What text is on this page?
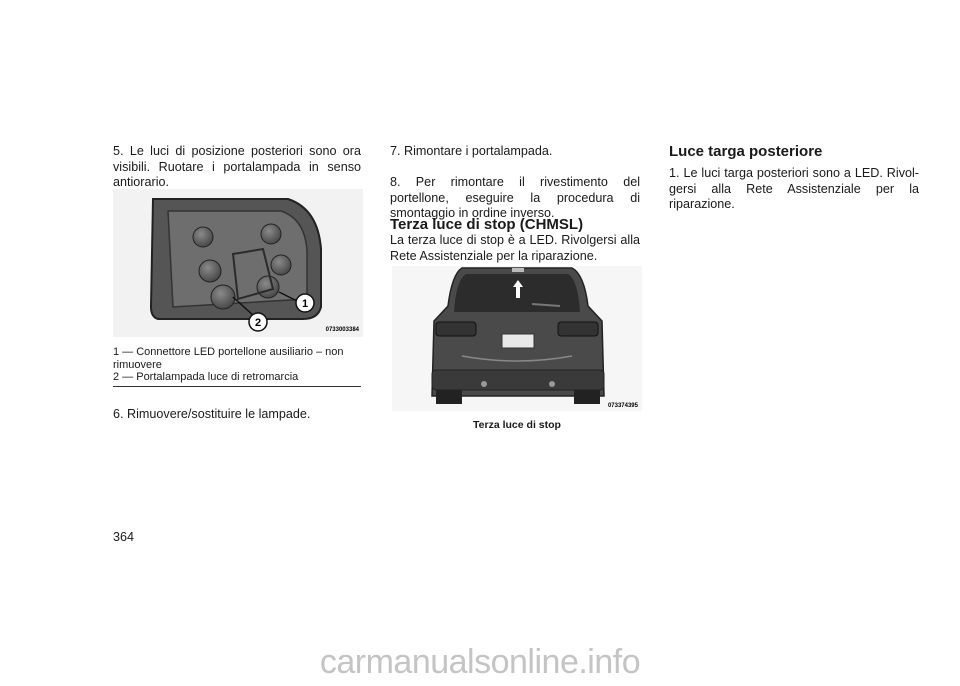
5. Le luci di posizione posteriori sono ora visibili. Ruotare i portalampada in senso antiorario.
1
2
0733003384
1 — Connettore LED portellone ausiliario – non rimuovere
2 — Portalampada luce di retromarcia
6. Rimuovere/sostituire le lampade.
7. Rimontare i portalampada.
8. Per rimontare il rivestimento del portellone, eseguire la procedura di smontaggio in ordine inverso.
Terza luce di stop (CHMSL)
La terza luce di stop è a LED. Rivolgersi alla Rete Assistenziale per la riparazione.
073374395
Terza luce di stop
Luce targa posteriore
1. Le luci targa posteriori sono a LED. Rivolgersi alla Rete Assistenziale per la riparazione.
364
carmanualsonline.info
